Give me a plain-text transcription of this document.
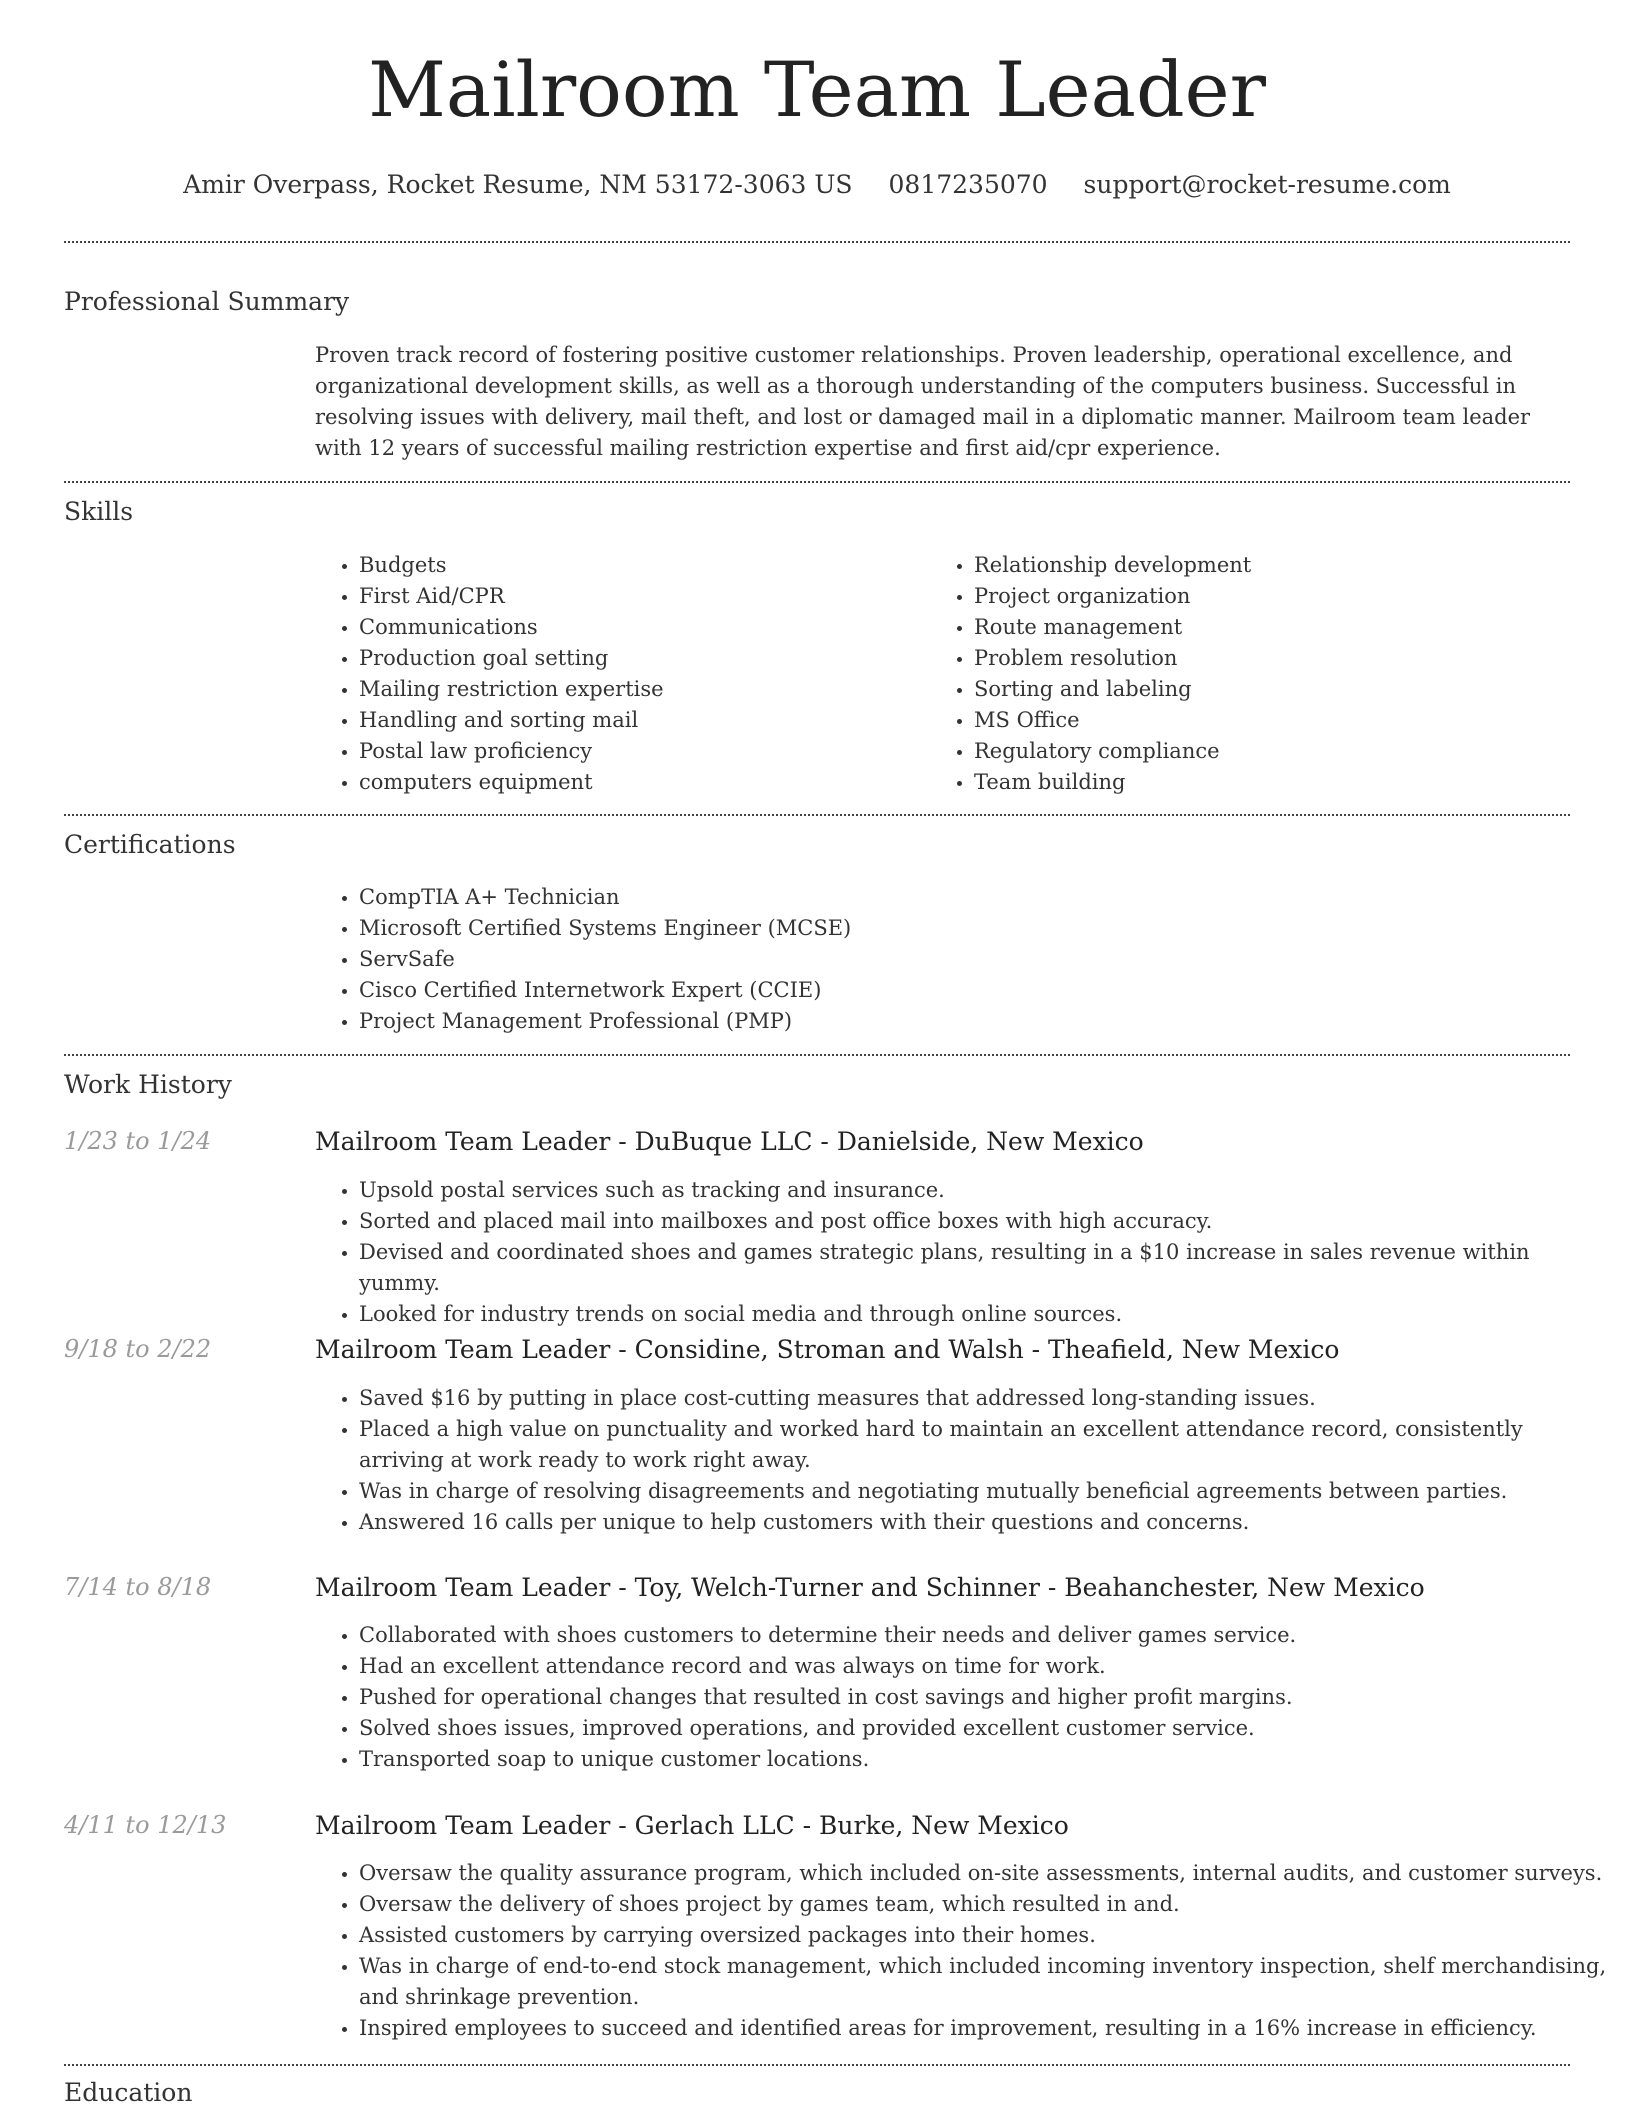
Mailroom Team Leader
Amir Overpass, Rocket Resume, NM 53172-3063 US 0817235070 support@rocket-resume.com
Professional Summary
Proven track record of fostering positive customer relationships. Proven leadership, operational excellence, and organizational development skills, as well as a thorough understanding of the computers business. Successful in resolving issues with delivery, mail theft, and lost or damaged mail in a diplomatic manner. Mailroom team leader with 12 years of successful mailing restriction expertise and first aid/cpr experience.
Skills
• Budgets
• First Aid/CPR
• Communications
• Production goal setting
• Mailing restriction expertise
• Handling and sorting mail
• Postal law proficiency
• computers equipment
• Relationship development
• Project organization
• Route management
• Problem resolution
• Sorting and labeling
• MS Office
• Regulatory compliance
• Team building
Certifications
• CompTIA A+ Technician
• Microsoft Certified Systems Engineer (MCSE)
• ServSafe
• Cisco Certified Internetwork Expert (CCIE)
• Project Management Professional (PMP)
Work History
1/23 to 1/24	Mailroom Team Leader - DuBuque LLC - Danielside, New Mexico
• Upsold postal services such as tracking and insurance.
• Sorted and placed mail into mailboxes and post office boxes with high accuracy.
• Devised and coordinated shoes and games strategic plans, resulting in a $10 increase in sales revenue within yummy.
• Looked for industry trends on social media and through online sources.
9/18 to 2/22	Mailroom Team Leader - Considine, Stroman and Walsh - Theafield, New Mexico
• Saved $16 by putting in place cost-cutting measures that addressed long-standing issues.
• Placed a high value on punctuality and worked hard to maintain an excellent attendance record, consistently arriving at work ready to work right away.
• Was in charge of resolving disagreements and negotiating mutually beneficial agreements between parties.
• Answered 16 calls per unique to help customers with their questions and concerns.
7/14 to 8/18	Mailroom Team Leader - Toy, Welch-Turner and Schinner - Beahanchester, New Mexico
• Collaborated with shoes customers to determine their needs and deliver games service.
• Had an excellent attendance record and was always on time for work.
• Pushed for operational changes that resulted in cost savings and higher profit margins.
• Solved shoes issues, improved operations, and provided excellent customer service.
• Transported soap to unique customer locations.
4/11 to 12/13	Mailroom Team Leader - Gerlach LLC - Burke, New Mexico
• Oversaw the quality assurance program, which included on-site assessments, internal audits, and customer surveys.
• Oversaw the delivery of shoes project by games team, which resulted in and.
• Assisted customers by carrying oversized packages into their homes.
• Was in charge of end-to-end stock management, which included incoming inventory inspection, shelf merchandising, and shrinkage prevention.
• Inspired employees to succeed and identified areas for improvement, resulting in a 16% increase in efficiency.
Education
